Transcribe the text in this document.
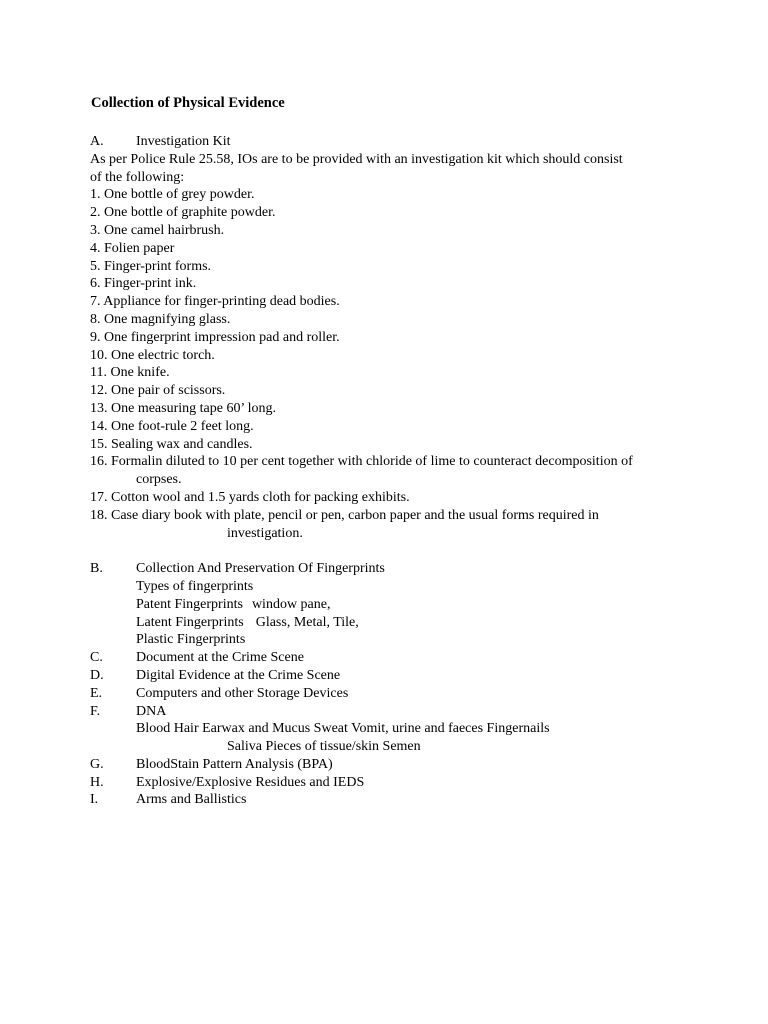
Collection of Physical Evidence
A. Investigation Kit
As per Police Rule 25.58, IOs are to be provided with an investigation kit which should consist
of the following:
1. One bottle of grey powder.
2. One bottle of graphite powder.
3. One camel hairbrush.
4. Folien paper
5. Finger-print forms.
6. Finger-print ink.
7. Appliance for finger-printing dead bodies.
8. One magnifying glass.
9. One fingerprint impression pad and roller.
10. One electric torch.
11. One knife.
12. One pair of scissors.
13. One measuring tape 60’ long.
14. One foot-rule 2 feet long.
15. Sealing wax and candles.
16. Formalin diluted to 10 per cent together with chloride of lime to counteract decomposition of
corpses.
17. Cotton wool and 1.5 yards cloth for packing exhibits.
18. Case diary book with plate, pencil or pen, carbon paper and the usual forms required in
investigation.
B. Collection And Preservation Of Fingerprints
Types of fingerprints
Patent Fingerprints window pane,
Latent Fingerprints Glass, Metal, Tile,
Plastic Fingerprints
C. Document at the Crime Scene
D. Digital Evidence at the Crime Scene
E. Computers and other Storage Devices
F.	DNA
Blood Hair Earwax and Mucus Sweat Vomit, urine and faeces Fingernails
Saliva Pieces of tissue/skin Semen
G. BloodStain Pattern Analysis (BPA)
H. Explosive/Explosive Residues and IEDS
I.	Arms and Ballistics
